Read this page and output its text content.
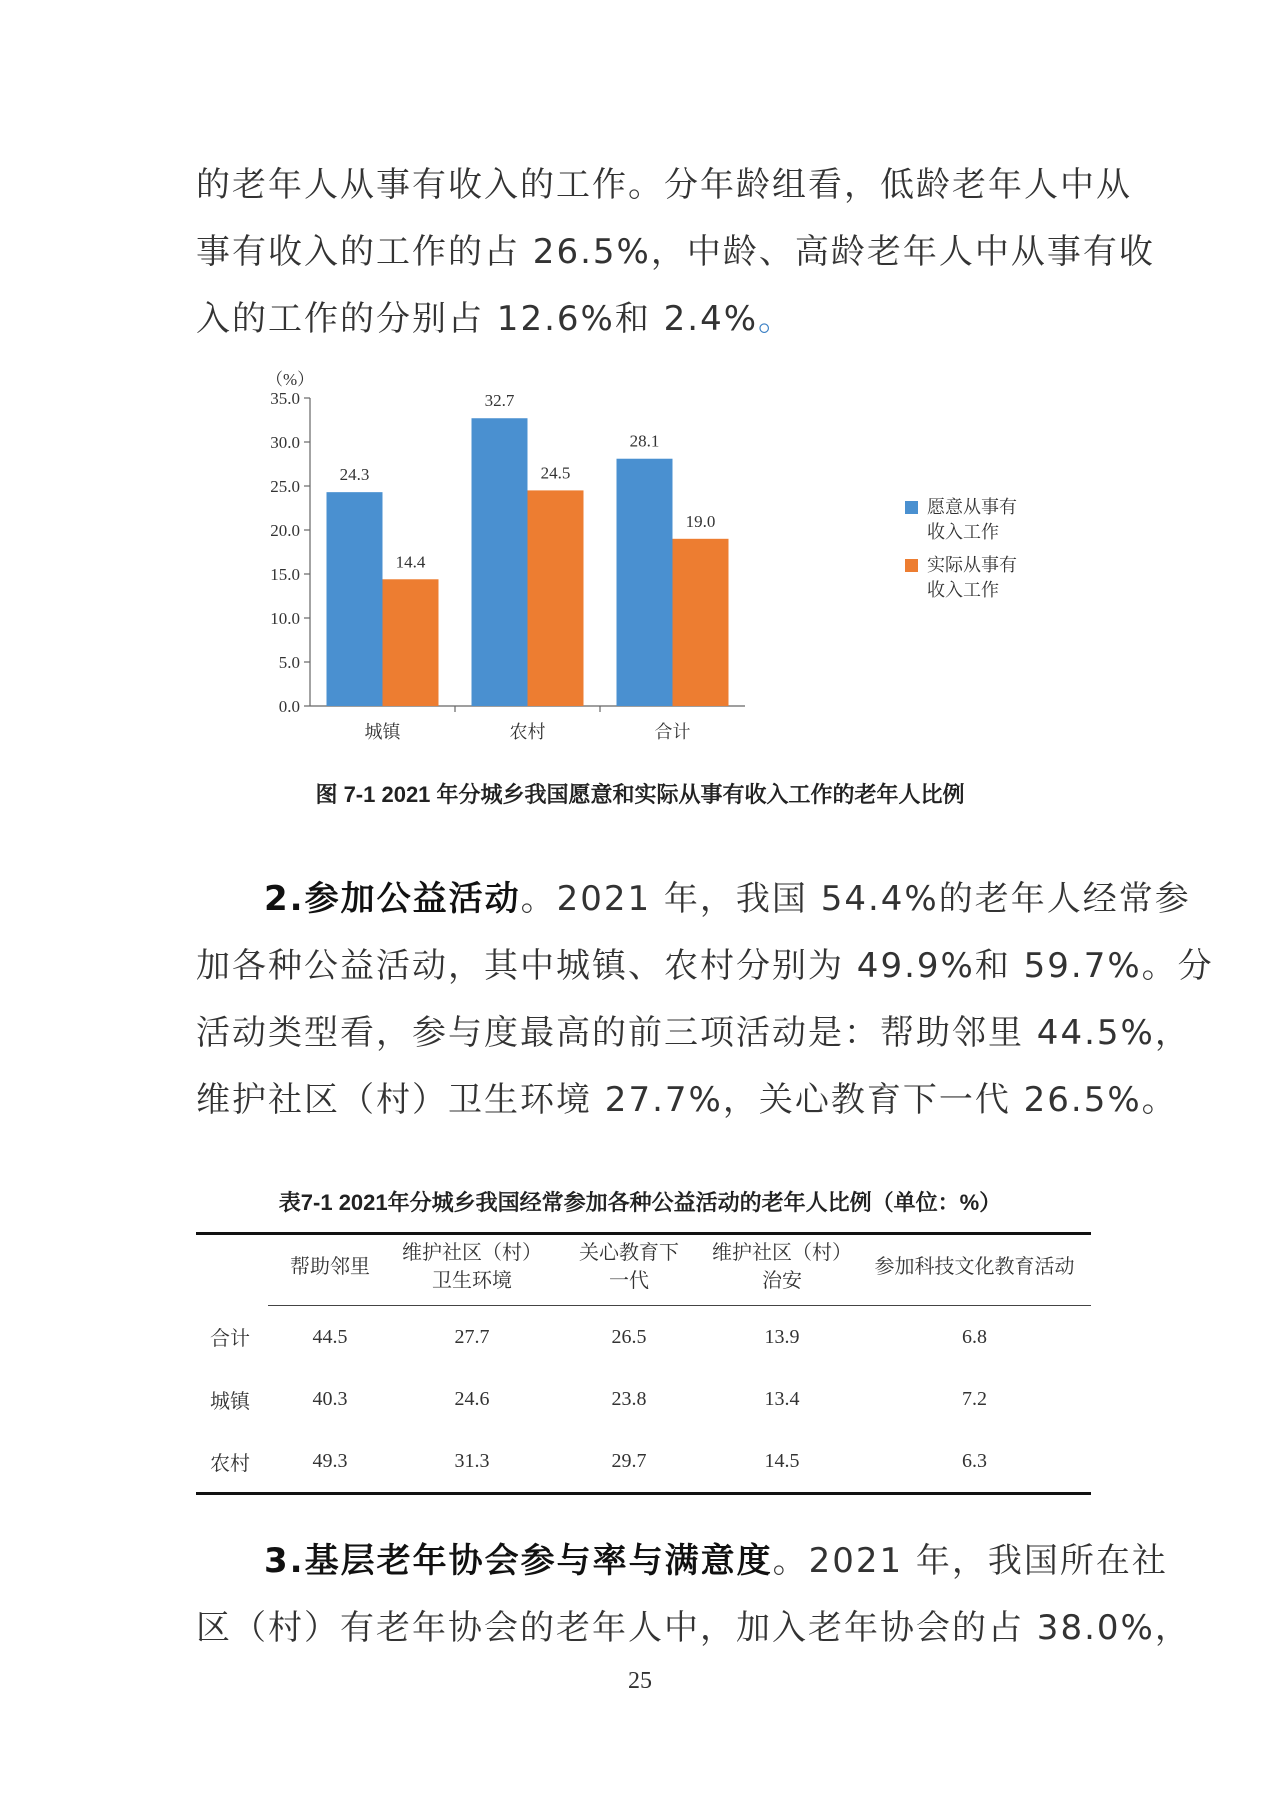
的老年人从事有收入的工作。分年龄组看，低龄老年人中从
事有收入的工作的占 26.5%，中龄、高龄老年人中从事有收
入的工作的分别占 12.6%和 2.4%。

（%）
0.0
5.0
10.0
15.0
20.0
25.0
30.0
35.0
24.3
14.4
城镇
32.7
24.5
农村
28.1
19.0
合计
愿意从事有
收入工作
实际从事有
收入工作
图 7-1 2021 年分城乡我国愿意和实际从事有收入工作的老年人比例

2.参加公益活动。2021 年，我国 54.4%的老年人经常参
加各种公益活动，其中城镇、农村分别为 49.9%和 59.7%。分
活动类型看，参与度最高的前三项活动是：帮助邻里 44.5%，
维护社区（村）卫生环境 27.7%，关心教育下一代 26.5%。

表7-1 2021年分城乡我国经常参加各种公益活动的老年人比例（单位：%）
	帮助邻里	维护社区（村）
卫生环境	关心教育下
一代	维护社区（村）
治安	参加科技文化教育活动
合计	44.5	27.7	26.5	13.9	6.8
城镇	40.3	24.6	23.8	13.4	7.2
农村	49.3	31.3	29.7	14.5	6.3

3.基层老年协会参与率与满意度。2021 年，我国所在社
区（村）有老年协会的老年人中，加入老年协会的占 38.0%，

25
